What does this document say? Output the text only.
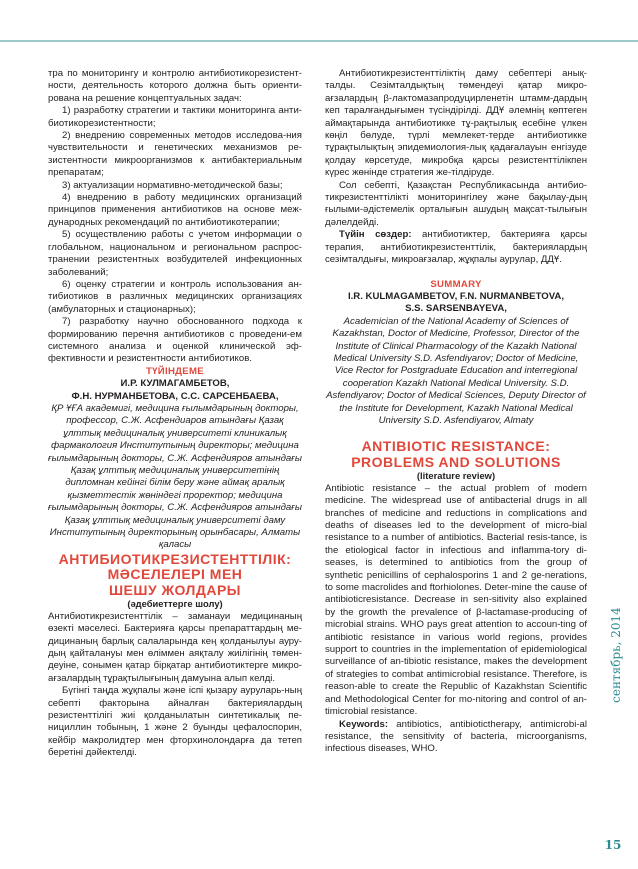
тра по мониторингу и контролю антибиотикорезистент-ности, деятельность которого должна быть ориенти-рована на решение концептуальных задач:

1) разработку стратегии и тактики мониторинга анти-биотикорезистентности;

2) внедрению современных методов исследова-ния чувствительности и генетических механизмов ре-зистентности микроорганизмов к антибактериальным препаратам;

3) актуализации нормативно-методической базы;

4) внедрению в работу медицинских организаций принципов применения антибиотиков на основе меж-дународных рекомендаций по антибиотикотерапии;

5) осуществлению работы с учетом информации о глобальном, национальном и региональном распрос-транении резистентных возбудителей инфекционных заболеваний;

6) оценку стратегии и контроль использования ан-тибиотиков в различных медицинских организациях (амбулаторных и стационарных);

7) разработку научно обоснованного подхода к формированию перечня антибиотиков с проведени-ем системного анализа и оценкой клинической эф-фективности и резистентности антибиотиков.

ТҮЙІНДЕМЕ

И.Р. КУЛМАГАМБЕТОВ,

Ф.Н. НУРМАНБЕТОВА, С.С. САРСЕНБАЕВА,

ҚР ҰҒА академигі, медицина ғылымдарының докторы, профессор, С.Ж. Асфендиаров атындағы Қазақ ұлттық медициналық университеті клиникалық фармакология Институтының директоры; медицина ғылымдарының докторы, С.Ж. Асфендияров атындағы Қазақ ұлттық медициналық университетінің дипломнан кейінгі білім беру және аймақ аралық қызметтестік жөніндегі проректор; медицина ғылымдарының докторы, С.Ж. Асфендияров атындағы Қазақ ұлттық медициналық университеті даму Институтының директорының орынбасары, Алматы қаласы

АНТИБИОТИКРЕЗИСТЕНТТІЛІК:
МӘСЕЛЕЛЕРІ МЕН
ШЕШУ ЖОЛДАРЫ

(әдебиеттерге шолу)

Антибиотикрезистенттілік – заманауи медицинаның өзекті мәселесі. Бактерияға қарсы препараттардың ме-дицинаның барлық салаларында кең қолданылуы ауру-дың қайталануы мен өліммен аяқталу жиілігінің төмен-деуіне, сонымен қатар бірқатар антибиотиктерге микро-ағзалардың тұрақтылығының дамуына алып келді.

Бүгінгі таңда жұқпалы және іспі қызару ауруларь-ның себепті факторына айналған бактериялардың резистенттілігі жиі қолданылатын синтетикалық пе-нициллин тобының, 1 және 2 буынды цефалоспорин, кейбір макролидтер мен фторхинолондарға да тетеп беретіні дәйектелді.

Антибиотикрезистенттіліктің даму себептері анық-талды. Сезімталдықтың төмендеуі қатар микро-ағзалардың β-лактомазапродуцирленетін штамм-дардың кеп таралғандығымен түсіндірілді. ДДҰ әлемнің көптеген аймақтарында антибиотикке тұ-рақтылық есебіне үлкен көңіл бөлуде, түрлі мемлекет-терде антибиотикке тұрақтылықтың эпидемиология-лық қадағалауын енгізуде қолдау көрсетуде, микробқа қарсы резистенттілікпен күрес жөнінде стратегия же-тілдіруде.

Сол себепті, Қазақстан Республикасында антибио-тикрезистенттілікті мониторингілеу және бақылау-дың ғылыми-әдістемелік орталығын ашудың мақсат-тылығын дәлелдейді.

Түйін сөздер: антибиотиктер, бактерияға қарсы терапия, антибиотикрезистенттілік, бактериялардың сезімталдығы, микроағзалар, жұқпалы аурулар, ДДҰ.

SUMMARY

I.R. KULMAGAMBETOV, F.N. NURMANBETOVA,

S.S. SARSENBAYEVA,

Academician of the National Academy of Sciences of Kazakhstan, Doctor of Medicine, Professor, Director of the Institute of Clinical Pharmacology of the Kazakh National Medical University S.D. Asfendiyarov; Doctor of Medicine, Vice Rector for Postgraduate Education and interregional cooperation Kazakh National Medical University. S.D. Asfendiyarov; Doctor of Medical Sciences, Deputy Director of the Institute for Development, Kazakh National Medical University S.D. Asfendiyarov, Almaty

ANTIBIOTIC RESISTANCE:
PROBLEMS AND SOLUTIONS

(literature review)

Antibiotic resistance – the actual problem of modern medicine. The widespread use of antibacterial drugs in all branches of medicine and reductions in complications and deaths of diseases led to the development of micro-bial resistance to a number of antibiotics. Bacterial resis-tance, is the etiological factor in infectious and inflamma-tory di-seases, is determined to antibiotics from the group of synthetic penicillins of cephalosporins 1 and 2 ge-nerations, to some macrolides and ftorhiolones. Deter-mine the cause of antibioticresistance. Decrease in sen-sitivity also explained by the growth the prevalence of β-lactamase-producing of microbial strains. WHO pays great attention to accoun-ting of antibiotic resistance in various world regions, provides support to countries in the implementation of epidemiological surveillance of an-tibiotic resistance, makes the development of strategies to combat antimicrobial resistance. Therefore, is reason-able to create the Republic of Kazakhstan Scientific and Methodological Center for mo-nitoring and control of an-timicrobial resistance.

Keywords: antibiotics, antibiotictherapy, antimicrobi-al resistance, the sensitivity of bacteria, microorganisms, infectious diseases, WHO.

сентябрь, 2014
15
